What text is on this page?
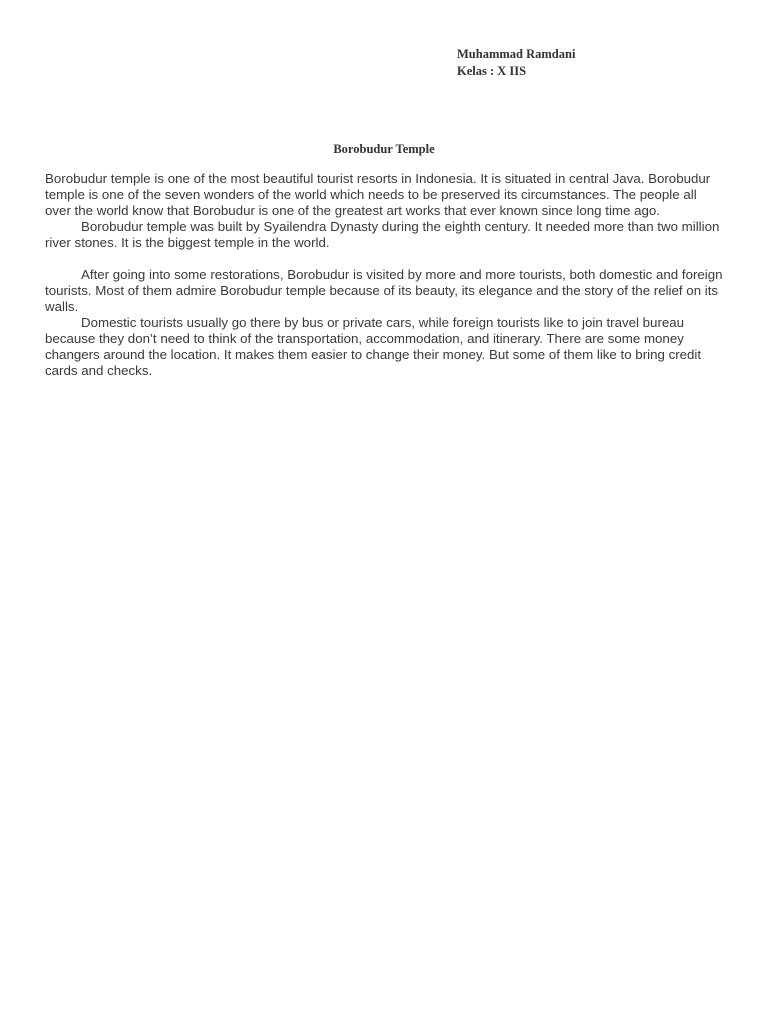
Muhammad Ramdani
Kelas : X IIS
Borobudur Temple

Borobudur temple is one of the most beautiful tourist resorts in Indonesia. It is situated in central Java. Borobudur temple is one of the seven wonders of the world which needs to be preserved its circumstances. The people all over the world know that Borobudur is one of the greatest art works that ever known since long time ago.

Borobudur temple was built by Syailendra Dynasty during the eighth century. It needed more than two million river stones. It is the biggest temple in the world.

After going into some restorations, Borobudur is visited by more and more tourists, both domestic and foreign tourists. Most of them admire Borobudur temple because of its beauty, its elegance and the story of the relief on its walls.

Domestic tourists usually go there by bus or private cars, while foreign tourists like to join travel bureau because they don’t need to think of the transportation, accommodation, and itinerary. There are some money changers around the location. It makes them easier to change their money. But some of them like to bring credit cards and checks.
